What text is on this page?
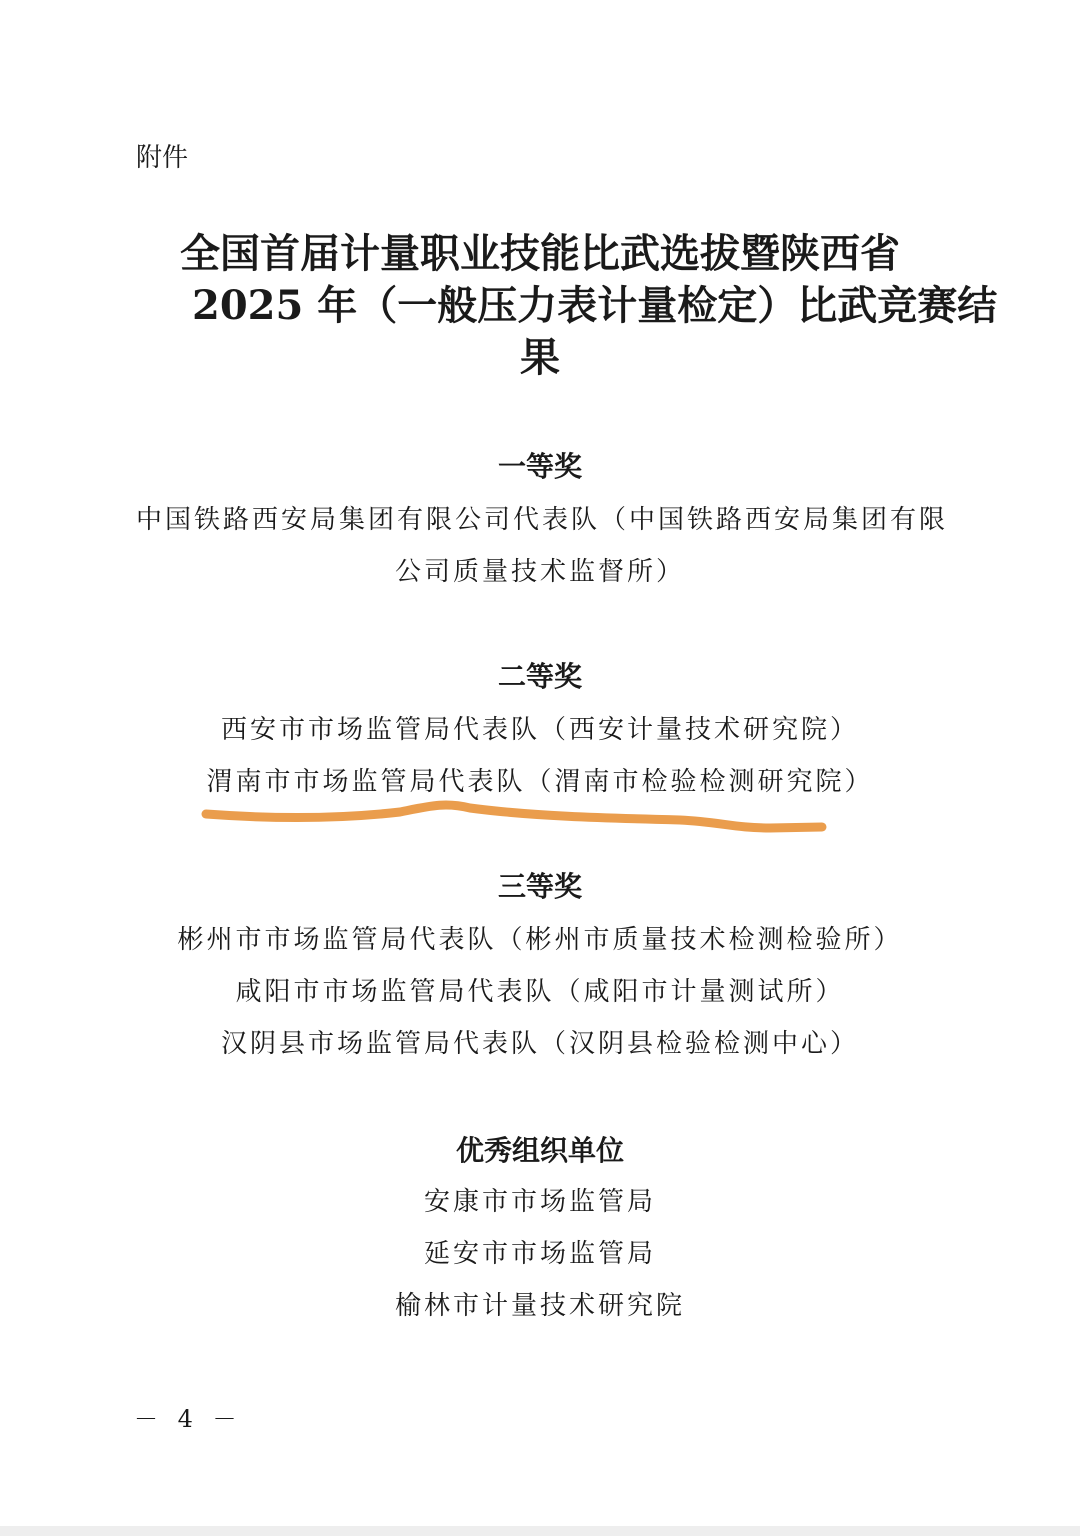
附件
全国首届计量职业技能比武选拔暨陕西省
2025 年（一般压力表计量检定）比武竞赛结
果
一等奖
中国铁路西安局集团有限公司代表队（中国铁路西安局集团有限
公司质量技术监督所）
二等奖
西安市市场监管局代表队（西安计量技术研究院）
渭南市市场监管局代表队（渭南市检验检测研究院）
三等奖
彬州市市场监管局代表队（彬州市质量技术检测检验所）
咸阳市市场监管局代表队（咸阳市计量测试所）
汉阴县市场监管局代表队（汉阴县检验检测中心）
优秀组织单位
安康市市场监管局
延安市市场监管局
榆林市计量技术研究院
－ 4 －
